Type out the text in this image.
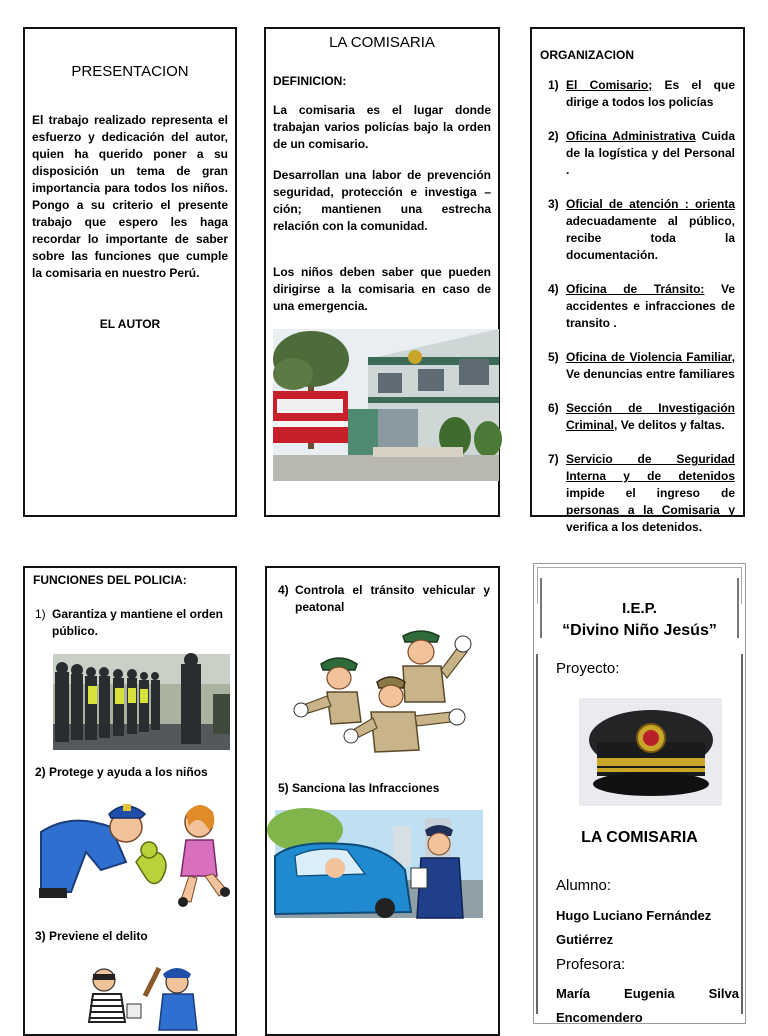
PRESENTACION
El trabajo realizado representa el esfuerzo y dedicación del autor, quien ha querido poner a su disposición un tema de gran importancia para todos los niños. Pongo a su criterio el presente trabajo que espero les haga recordar lo importante de saber sobre las funciones que cumple la comisaria en nuestro Perú.
EL AUTOR
LA COMISARIA
DEFINICION:
La comisaria es el lugar donde trabajan varios policías bajo la orden de un comisario.
Desarrollan una labor de prevención seguridad, protección e investiga – ción; mantienen una estrecha relación con la comunidad.
Los niños deben saber que pueden dirigirse a la comisaria en caso de una emergencia.
ORGANIZACION
1) El Comisario; Es el que dirige a todos los policías
2) Oficina Administrativa Cuida de la logística y del Personal .
3) Oficial de atención : orienta adecuadamente al público, recibe toda la documentación.
4) Oficina de Tránsito: Ve accidentes e infracciones de transito .
5) Oficina de Violencia Familiar, Ve denuncias entre familiares
6) Sección de Investigación Criminal, Ve delitos y faltas.
7) Servicio de Seguridad Interna y de detenidos impide el ingreso de personas a la Comisaria y verifica a los detenidos.
FUNCIONES DEL POLICIA:
1) Garantiza y mantiene el orden público.
2) Protege y ayuda a los niños
3) Previene el delito
4) Controla el tránsito vehicular y peatonal
5) Sanciona las Infracciones
I.E.P.
“Divino Niño Jesús”
Proyecto:
LA COMISARIA
Alumno:
Hugo Luciano Fernández Gutiérrez
Profesora:
María Eugenia Silva Encomendero
